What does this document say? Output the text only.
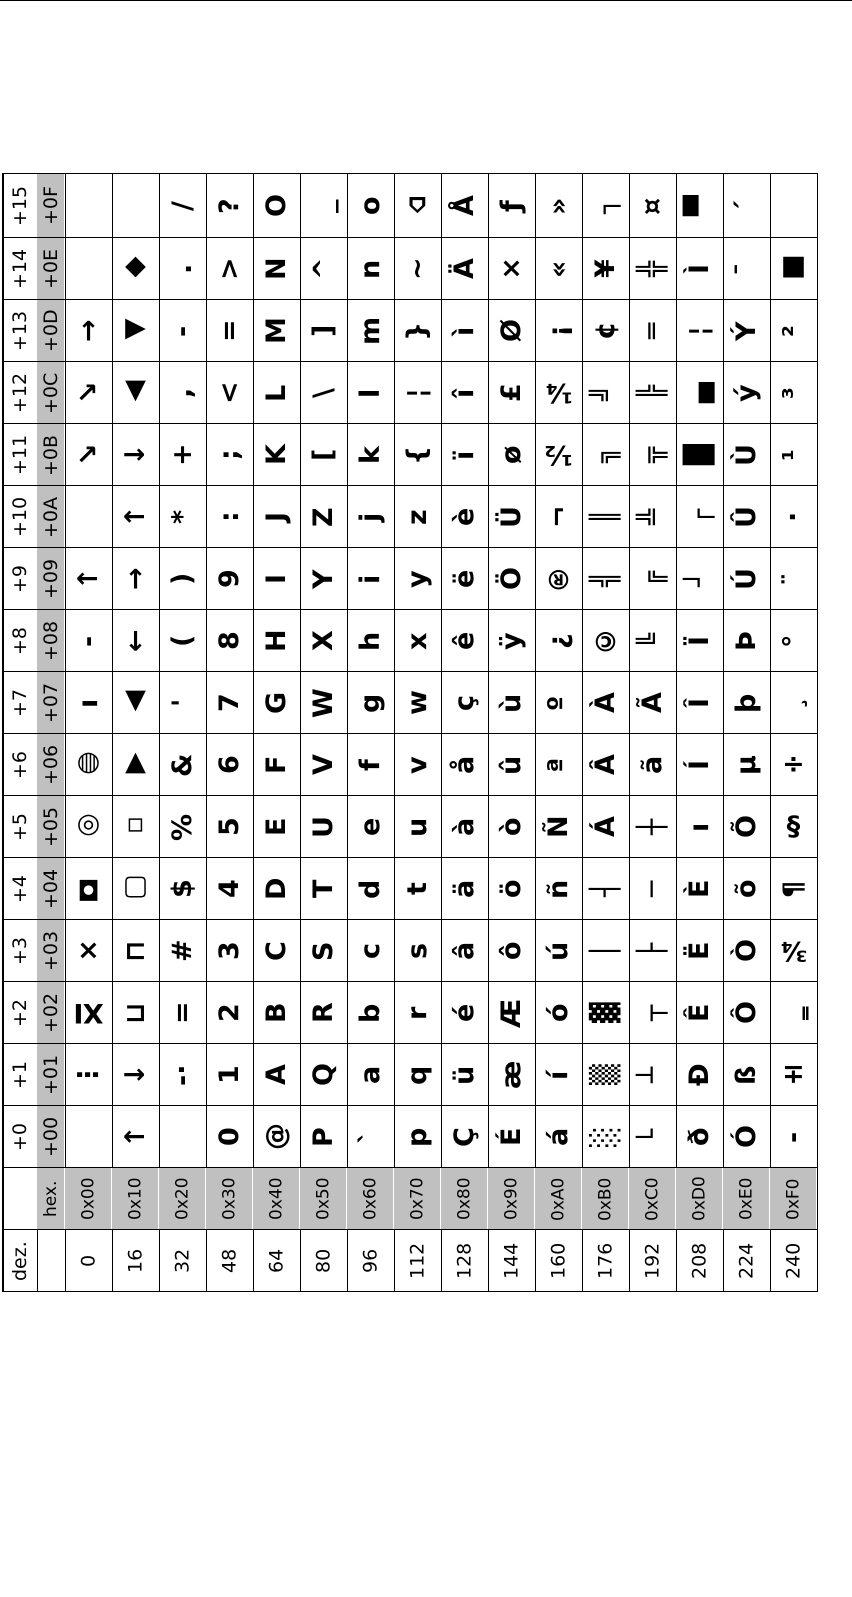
+15	+0F			/	?	O	_	o	⌂	Å	ƒ	»	┐	¤	▀	´	
+14	+0E		◆	.	>	N	^	n	~	Ä	×	«	¥	╬	Ì	¯	■
+13	+0D	→	◀	-	=	M	]	m	}	ì	Ø	¡	¢	═	¦	Ý	²
+12	+0C	↘	▲	,	<	L	\	l	¦	î	£	¼	╝	╠	▄	ý	³
+11	+0B	↘	↓	+	;	K	[	k	{	ï	ø	½	╗	╦	█	Ù	¹
+10	+0A		↑	*	:	J	Z	j	z	è	Ü	¬	║	╩	┌	Û	·
+9	+09	↑	→	)	9	I	Y	i	y	ë	Ö	®	╣	╔	┘	Ú	¨
+8	+08	-	←	(	8	H	X	h	x	ê	ÿ	¿	©	╚	Ï	Þ	°
+7	+07	ı	▲	'	7	G	W	g	w	ç	ù	º	À	Ã	Î	þ	¸
+6	+06	◍	▼	&	6	F	V	f	v	å	û	ª	Â	ã	Í	µ	÷
+5	+05	◎	▫	%	5	E	U	e	u	à	ò	Ñ	Á	┼	ı	Õ	§
+4	+04	◘	▢	$	4	D	T	d	t	ä	ö	ñ	┤	─	È	õ	¶
+3	+03	×	⊓	#	3	C	S	c	s	â	ô	ú	│	├	Ë	Ò	¾
+2	+02	Ⅺ	⊔	=	2	B	R	b	r	é	Æ	ó	▓	┬	Ê	Ô	‗
+1	+01	⋮	↓	-·	1	A	Q	a	q	ü	æ	í	▒	┴	Ð	ß	±
+0	+00		↑		0	@	P	`	p	Ç	É	á	░	└	ð	Ó	-
	hex.	0x00	0x10	0x20	0x30	0x40	0x50	0x60	0x70	0x80	0x90	0xA0	0xB0	0xC0	0xD0	0xE0	0xF0
dez.		0	16	32	48	64	80	96	112	128	144	160	176	192	208	224	240
